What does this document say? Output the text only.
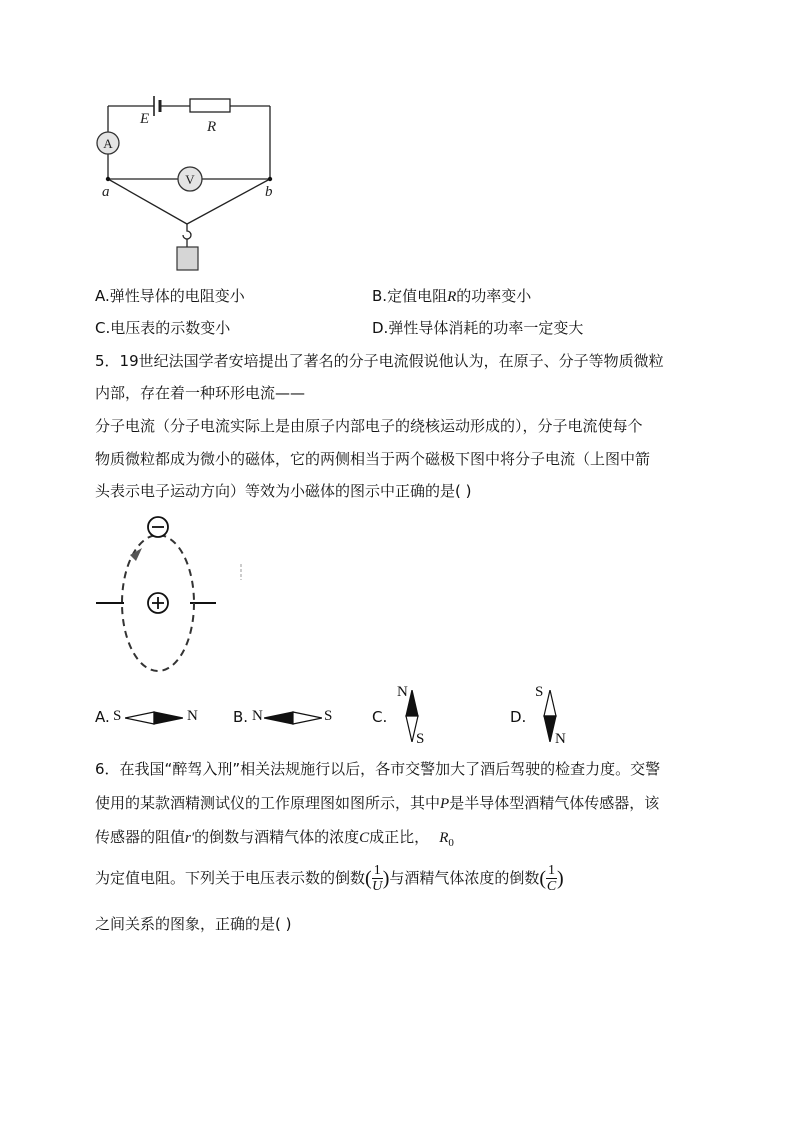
A
V
E	R
a	b
A.弹性导体的电阻变小	B.定值电阻R的功率变小
C.电压表的示数变小	D.弹性导体消耗的功率一定变大
5．19世纪法国学者安培提出了著名的分子电流假说他认为，在原子、分子等物质微粒
内部，存在着一种环形电流——
分子电流（分子电流实际上是由原子内部电子的绕核运动形成的），分子电流使每个
物质微粒都成为微小的磁体，它的两侧相当于两个磁极下图中将分子电流（上图中箭
头表示电子运动方向）等效为小磁体的图示中正确的是( )
A. S	N B. N	S	C.
N
S
D.
S
N
6．在我国“醉驾入刑”相关法规施行以后，各市交警加大了酒后驾驶的检查力度。交警
使用的某款酒精测试仪的工作原理图如图所示，其中P是半导体型酒精气体传感器，该
传感器的阻值r′的倒数与酒精气体的浓度C成正比， $R_0$
为定值电阻。下列关于电压表示数的倒数( $\frac{1}{U}$ )与酒精气体浓度的倒数( $\frac{1}{C}$ )
之间关系的图象，正确的是( )
